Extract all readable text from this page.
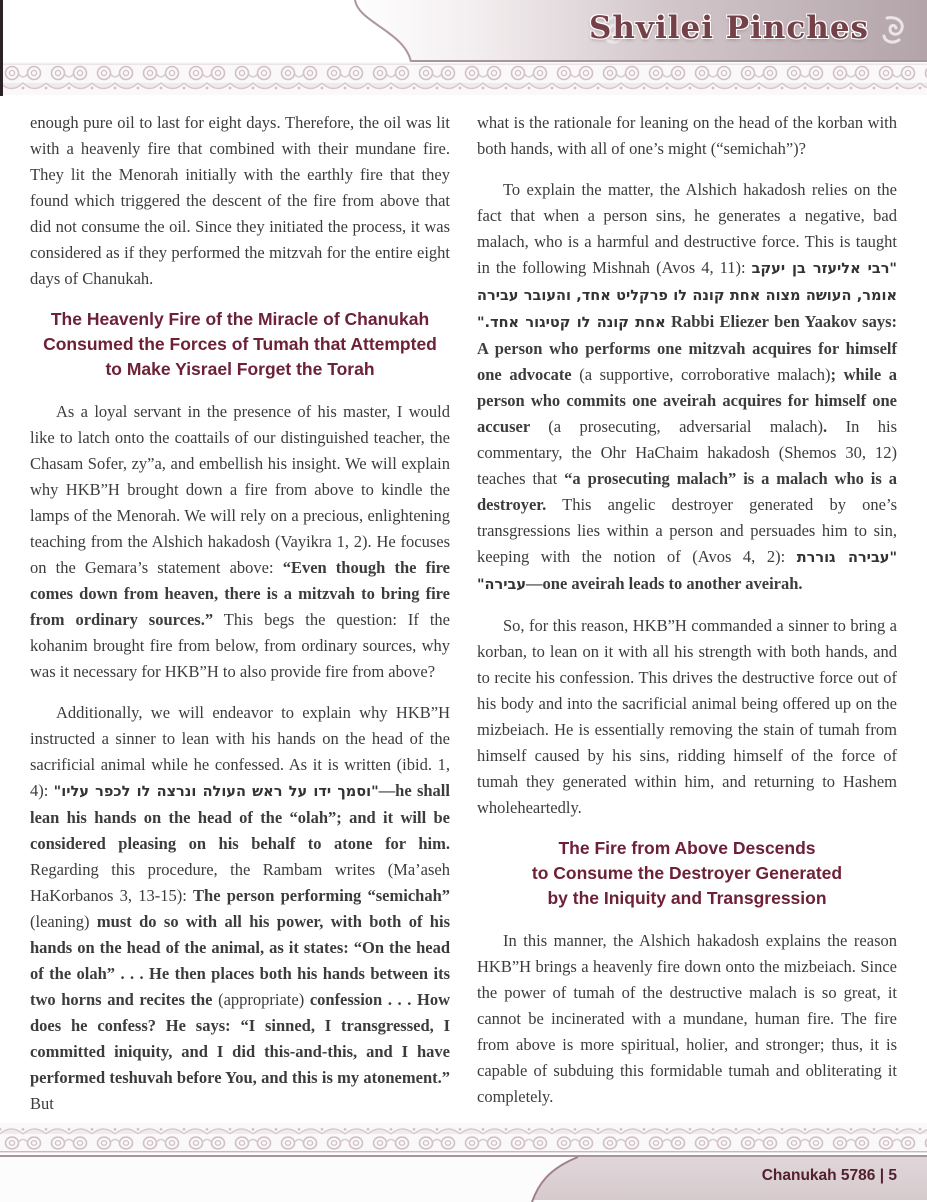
Shvilei Pinches

enough pure oil to last for eight days. Therefore, the oil was lit with a heavenly fire that combined with their mundane fire. They lit the Menorah initially with the earthly fire that they found which triggered the descent of the fire from above that did not consume the oil. Since they initiated the process, it was considered as if they performed the mitzvah for the entire eight days of Chanukah.

The Heavenly Fire of the Miracle of Chanukah
Consumed the Forces of Tumah that Attempted
to Make Yisrael Forget the Torah

As a loyal servant in the presence of his master, I would like to latch onto the coattails of our distinguished teacher, the Chasam Sofer, zy”a, and embellish his insight. We will explain why HKB”H brought down a fire from above to kindle the lamps of the Menorah. We will rely on a precious, enlightening teaching from the Alshich hakadosh (Vayikra 1, 2). He focuses on the Gemara’s statement above: “Even though the fire comes down from heaven, there is a mitzvah to bring fire from ordinary sources.” This begs the question: If the kohanim brought fire from below, from ordinary sources, why was it necessary for HKB”H to also provide fire from above?

Additionally, we will endeavor to explain why HKB”H instructed a sinner to lean with his hands on the head of the sacrificial animal while he confessed. As it is written (ibid. 1, 4): "וסמך ידו על ראש העולה ונרצה לו לכפר עליו"—he shall lean his hands on the head of the “olah”; and it will be considered pleasing on his behalf to atone for him. Regarding this procedure, the Rambam writes (Ma’aseh HaKorbanos 3, 13-15): The person performing “semichah” (leaning) must do so with all his power, with both of his hands on the head of the animal, as it states: “On the head of the olah” . . . He then places both his hands between its two horns and recites the (appropriate) confession . . . How does he confess? He says: “I sinned, I transgressed, I committed iniquity, and I did this-and-this, and I have performed teshuvah before You, and this is my atonement.” But

what is the rationale for leaning on the head of the korban with both hands, with all of one’s might (“semichah”)?

To explain the matter, the Alshich hakadosh relies on the fact that when a person sins, he generates a negative, bad malach, who is a harmful and destructive force. This is taught in the following Mishnah (Avos 4, 11): "רבי אליעזר בן יעקב אומר, העושה מצוה אחת קונה לו פרקליט אחד, והעובר עבירה אחת קונה לו קטיגור אחד." Rabbi Eliezer ben Yaakov says: A person who performs one mitzvah acquires for himself one advocate (a supportive, corroborative malach); while a person who commits one aveirah acquires for himself one accuser (a prosecuting, adversarial malach). In his commentary, the Ohr HaChaim hakadosh (Shemos 30, 12) teaches that “a prosecuting malach” is a malach who is a destroyer. This angelic destroyer generated by one’s transgressions lies within a person and persuades him to sin, keeping with the notion of (Avos 4, 2): "עבירה גוררת עבירה"—one aveirah leads to another aveirah.

So, for this reason, HKB”H commanded a sinner to bring a korban, to lean on it with all his strength with both hands, and to recite his confession. This drives the destructive force out of his body and into the sacrificial animal being offered up on the mizbeiach. He is essentially removing the stain of tumah from himself caused by his sins, ridding himself of the force of tumah they generated within him, and returning to Hashem wholeheartedly.

The Fire from Above Descends
to Consume the Destroyer Generated
by the Iniquity and Transgression

In this manner, the Alshich hakadosh explains the reason HKB”H brings a heavenly fire down onto the mizbeiach. Since the power of tumah of the destructive malach is so great, it cannot be incinerated with a mundane, human fire. The fire from above is more spiritual, holier, and stronger; thus, it is capable of subduing this formidable tumah and obliterating it completely.

Chanukah 5786 | 5
